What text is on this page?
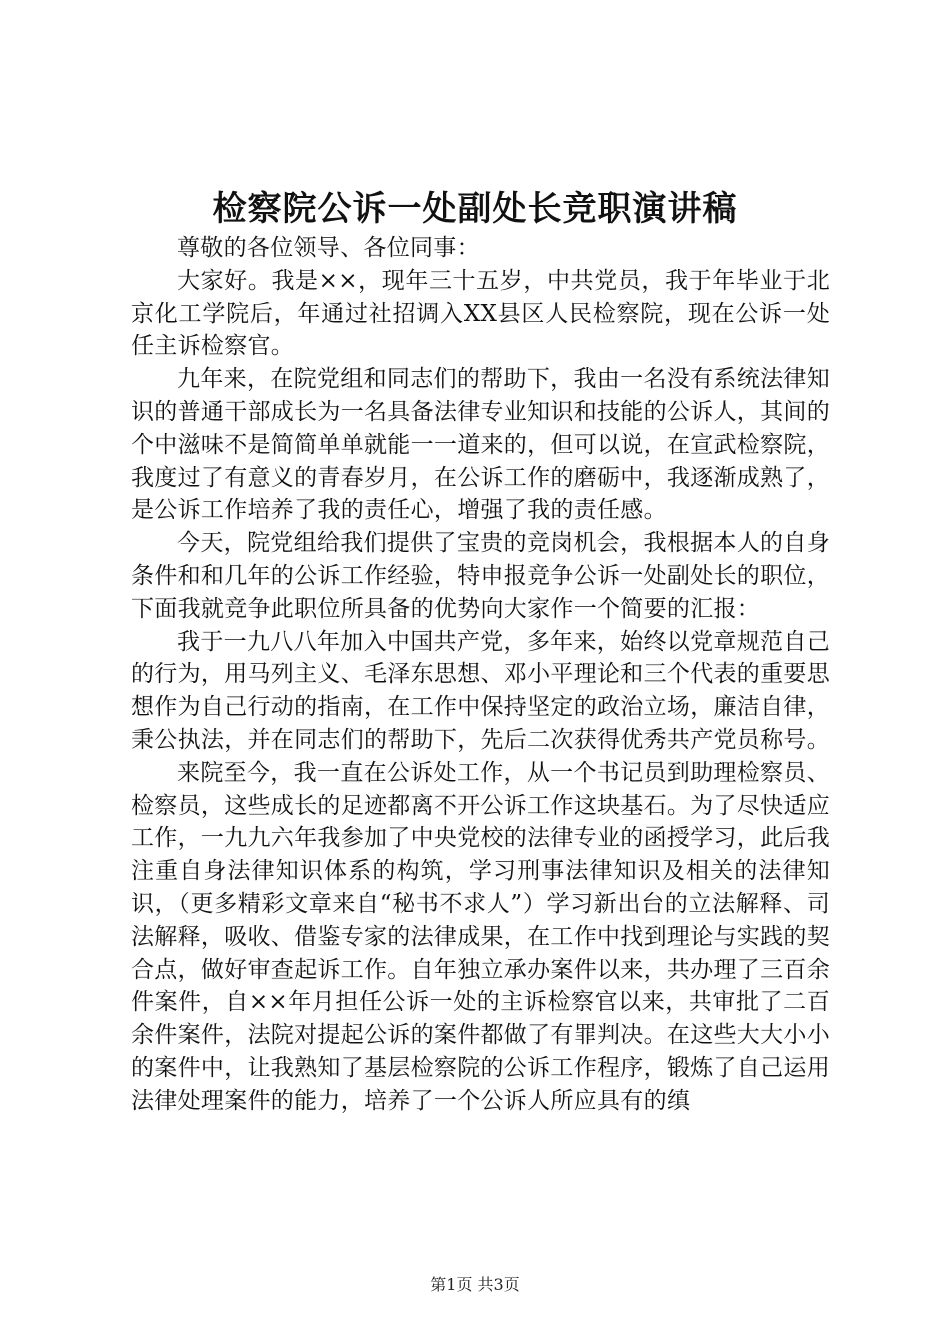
检察院公诉一处副处长竞职演讲稿

尊敬的各位领导、各位同事：

大家好。我是××，现年三十五岁，中共党员，我于年毕业于北京化工学院后，年通过社招调入XX县区人民检察院，现在公诉一处任主诉检察官。

九年来，在院党组和同志们的帮助下，我由一名没有系统法律知识的普通干部成长为一名具备法律专业知识和技能的公诉人，其间的个中滋味不是简简单单就能一一道来的，但可以说，在宣武检察院，我度过了有意义的青春岁月，在公诉工作的磨砺中，我逐渐成熟了，是公诉工作培养了我的责任心，增强了我的责任感。

今天，院党组给我们提供了宝贵的竞岗机会，我根据本人的自身条件和和几年的公诉工作经验，特申报竞争公诉一处副处长的职位，下面我就竞争此职位所具备的优势向大家作一个简要的汇报：

我于一九八八年加入中国共产党，多年来，始终以党章规范自己的行为，用马列主义、毛泽东思想、邓小平理论和三个代表的重要思想作为自己行动的指南，在工作中保持坚定的政治立场，廉洁自律，秉公执法，并在同志们的帮助下，先后二次获得优秀共产党员称号。

来院至今，我一直在公诉处工作，从一个书记员到助理检察员、检察员，这些成长的足迹都离不开公诉工作这块基石。为了尽快适应工作，一九九六年我参加了中央党校的法律专业的函授学习，此后我注重自身法律知识体系的构筑，学习刑事法律知识及相关的法律知识，（更多精彩文章来自“秘书不求人”）学习新出台的立法解释、司法解释，吸收、借鉴专家的法律成果，在工作中找到理论与实践的契合点，做好审查起诉工作。自年独立承办案件以来，共办理了三百余件案件，自××年月担任公诉一处的主诉检察官以来，共审批了二百余件案件，法院对提起公诉的案件都做了有罪判决。在这些大大小小的案件中，让我熟知了基层检察院的公诉工作程序，锻炼了自己运用法律处理案件的能力，培养了一个公诉人所应具有的缜

第1页 共3页
